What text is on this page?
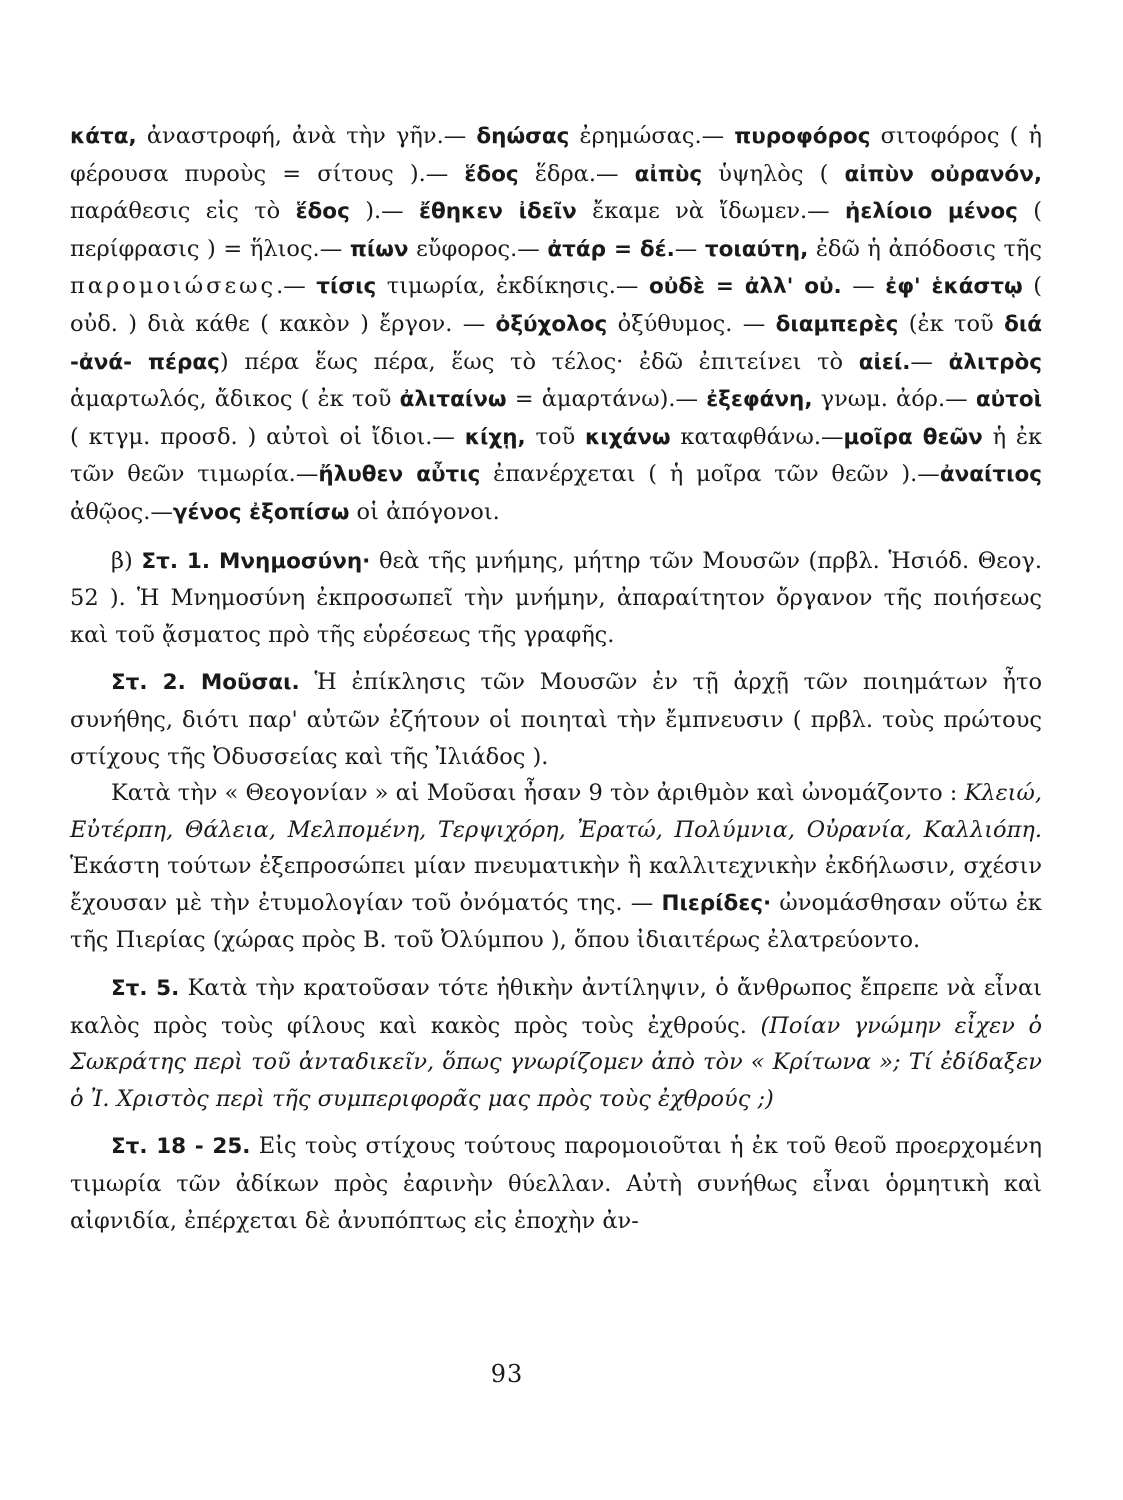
κάτα, ἀναστροφή, ἀνὰ τὴν γῆν.— δηώσας ἐρημώσας.— πυροφόρος σιτοφόρος ( ἡ φέρουσα πυροὺς = σίτους ).— ἕδος ἕδρα.— αἰπὺς ὑψηλὸς ( αἰπὺν οὐρανόν, παράθεσις εἰς τὸ ἕδος ).— ἔθηκεν ἰδεῖν ἔκαμε νὰ ἴδωμεν.— ἠελίοιο μένος ( περίφρασις ) = ἥλιος.— πίων εὔφορος.— ἀτάρ = δέ.— τοιαύτη, ἐδῶ ἡ ἀπόδοσις τῆς παρομοιώσεως.— τίσις τιμωρία, ἐκδίκησις.— οὐδὲ = ἀλλ' οὐ. — ἐφ' ἑκάστῳ ( οὐδ. ) διὰ κάθε ( κακὸν ) ἔργον. — ὀξύχολος ὀξύθυμος. — διαμπερὲς (ἐκ τοῦ διά -ἀνά- πέρας) πέρα ἕως πέρα, ἕως τὸ τέλος· ἐδῶ ἐπιτείνει τὸ αἰεί.— ἀλιτρὸς ἁμαρτωλός, ἄδικος ( ἐκ τοῦ ἀλιταίνω = ἁμαρτάνω).— ἐξεφάνη, γνωμ. ἀόρ.— αὐτοὶ ( κτγμ. προσδ. ) αὐτοὶ οἱ ἴδιοι.— κίχῃ, τοῦ κιχάνω καταφθάνω.—μοῖρα θεῶν ἡ ἐκ τῶν θεῶν τιμωρία.—ἤλυθεν αὖτις ἐπανέρχεται ( ἡ μοῖρα τῶν θεῶν ).—ἀναίτιος ἀθῷος.—γένος ἐξοπίσω οἱ ἀπόγονοι.

β) Στ. 1. Μνημοσύνη· θεὰ τῆς μνήμης, μήτηρ τῶν Μουσῶν (πρβλ. Ἡσιόδ. Θεογ. 52 ). Ἡ Μνημοσύνη ἐκπροσωπεῖ τὴν μνήμην, ἀπαραίτητον ὄργανον τῆς ποιήσεως καὶ τοῦ ᾄσματος πρὸ τῆς εὑρέσεως τῆς γραφῆς.

Στ. 2. Μοῦσαι. Ἡ ἐπίκλησις τῶν Μουσῶν ἐν τῇ ἀρχῇ τῶν ποιημάτων ἦτο συνήθης, διότι παρ' αὐτῶν ἐζήτουν οἱ ποιηταὶ τὴν ἔμπνευσιν ( πρβλ. τοὺς πρώτους στίχους τῆς Ὀδυσσείας καὶ τῆς Ἰλιάδος ).

Κατὰ τὴν « Θεογονίαν » αἱ Μοῦσαι ἦσαν 9 τὸν ἀριθμὸν καὶ ὠνομάζοντο : Κλειώ, Εὐτέρπη, Θάλεια, Μελπομένη, Τερψιχόρη, Ἐρατώ, Πολύμνια, Οὐρανία, Καλλιόπη. Ἑκάστη τούτων ἐξεπροσώπει μίαν πνευματικὴν ἢ καλλιτεχνικὴν ἐκδήλωσιν, σχέσιν ἔχουσαν μὲ τὴν ἐτυμολογίαν τοῦ ὀνόματός της. — Πιερίδες· ὠνομάσθησαν οὕτω ἐκ τῆς Πιερίας (χώρας πρὸς Β. τοῦ Ὀλύμπου ), ὅπου ἰδιαιτέρως ἐλατρεύοντο.

Στ. 5. Κατὰ τὴν κρατοῦσαν τότε ἠθικὴν ἀντίληψιν, ὁ ἄνθρωπος ἔπρεπε νὰ εἶναι καλὸς πρὸς τοὺς φίλους καὶ κακὸς πρὸς τοὺς ἐχθρούς. (Ποίαν γνώμην εἶχεν ὁ Σωκράτης περὶ τοῦ ἀνταδικεῖν, ὅπως γνωρίζομεν ἀπὸ τὸν « Κρίτωνα »; Τί ἐδίδαξεν ὁ Ἰ. Χριστὸς περὶ τῆς συμπεριφορᾶς μας πρὸς τοὺς ἐχθρούς ;)

Στ. 18 - 25. Εἰς τοὺς στίχους τούτους παρομοιοῦται ἡ ἐκ τοῦ θεοῦ προερχομένη τιμωρία τῶν ἀδίκων πρὸς ἐαρινὴν θύελλαν. Αὐτὴ συνήθως εἶναι ὁρμητικὴ καὶ αἰφνιδία, ἐπέρχεται δὲ ἀνυπόπτως εἰς ἐποχὴν ἀν-

93
